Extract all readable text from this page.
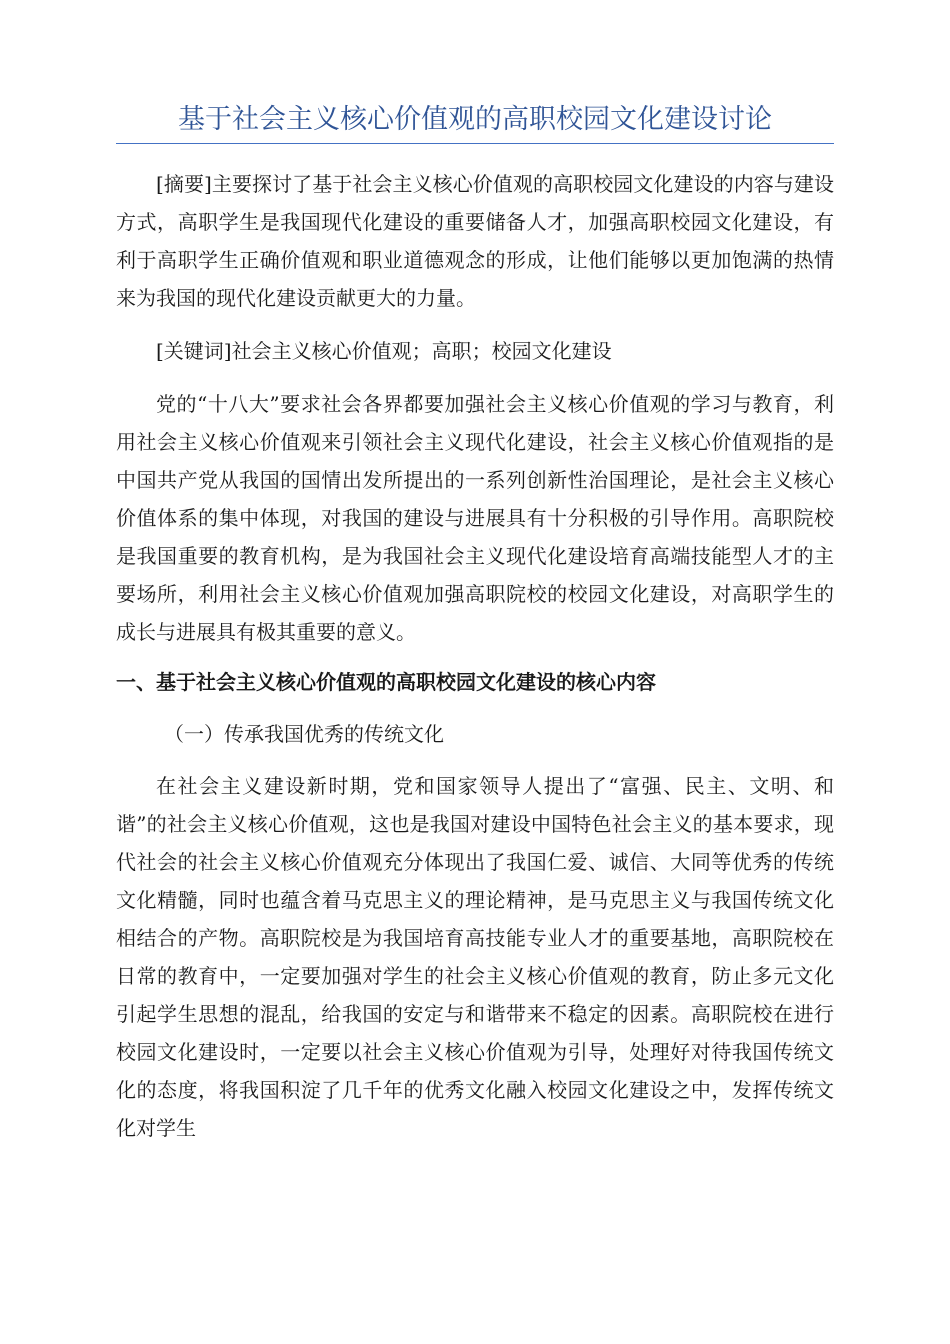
基于社会主义核心价值观的高职校园文化建设讨论

[摘要]主要探讨了基于社会主义核心价值观的高职校园文化建设的内容与建设方式，高职学生是我国现代化建设的重要储备人才，加强高职校园文化建设，有利于高职学生正确价值观和职业道德观念的形成，让他们能够以更加饱满的热情来为我国的现代化建设贡献更大的力量。

[关键词]社会主义核心价值观；高职；校园文化建设

党的“十八大”要求社会各界都要加强社会主义核心价值观的学习与教育，利用社会主义核心价值观来引领社会主义现代化建设，社会主义核心价值观指的是中国共产党从我国的国情出发所提出的一系列创新性治国理论，是社会主义核心价值体系的集中体现，对我国的建设与进展具有十分积极的引导作用。高职院校是我国重要的教育机构，是为我国社会主义现代化建设培育高端技能型人才的主要场所，利用社会主义核心价值观加强高职院校的校园文化建设，对高职学生的成长与进展具有极其重要的意义。

一、基于社会主义核心价值观的高职校园文化建设的核心内容
（一）传承我国优秀的传统文化

在社会主义建设新时期，党和国家领导人提出了“富强、民主、文明、和谐”的社会主义核心价值观，这也是我国对建设中国特色社会主义的基本要求，现代社会的社会主义核心价值观充分体现出了我国仁爱、诚信、大同等优秀的传统文化精髓，同时也蕴含着马克思主义的理论精神，是马克思主义与我国传统文化相结合的产物。高职院校是为我国培育高技能专业人才的重要基地，高职院校在日常的教育中，一定要加强对学生的社会主义核心价值观的教育，防止多元文化引起学生思想的混乱，给我国的安定与和谐带来不稳定的因素。高职院校在进行校园文化建设时，一定要以社会主义核心价值观为引导，处理好对待我国传统文化的态度，将我国积淀了几千年的优秀文化融入校园文化建设之中，发挥传统文化对学生
